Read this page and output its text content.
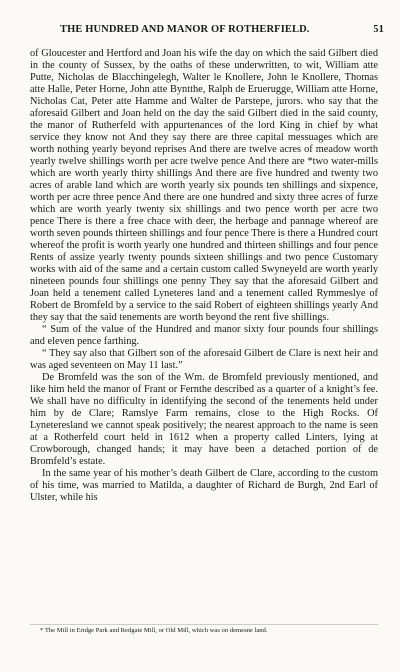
THE HUNDRED AND MANOR OF ROTHERFIELD.	51

of Gloucester and Hertford and Joan his wife the day on which the said Gilbert died in the county of Sussex, by the oaths of these underwritten, to wit, William atte Putte, Nicholas de Blacchingelegh, Walter le Knollere, John le Knollere, Thomas atte Halle, Peter Horne, John atte Byntthe, Ralph de Eruerugge, William atte Horne, Nicholas Cat, Peter atte Hamme and Walter de Parstepe, jurors. who say that the aforesaid Gilbert and Joan held on the day the said Gilbert died in the said county, the manor of Rutherfeld with appurtenances of the lord King in chief by what service they know not And they say there are three capital messuages which are worth nothing yearly beyond reprises And there are twelve acres of meadow worth yearly twelve shillings worth per acre twelve pence And there are *two water-mills which are worth yearly thirty shillings And there are five hundred and twenty two acres of arable land which are worth yearly six pounds ten shillings and sixpence, worth per acre three pence And there are one hundred and sixty three acres of furze which are worth yearly twenty six shillings and two pence worth per acre two pence There is there a free chace with deer, the herbage and pannage whereof are worth seven pounds thirteen shillings and four pence There is there a Hundred court whereof the profit is worth yearly one hundred and thirteen shillings and four pence Rents of assize yearly twenty pounds sixteen shillings and two pence Customary works with aid of the same and a certain custom called Swyneyeld are worth yearly nineteen pounds four shillings one penny They say that the aforesaid Gilbert and Joan held a tenement called Lyneteres land and a tenement called Rymmeslye of Robert de Bromfeld by a service to the said Robert of eighteen shillings yearly And they say that the said tenements are worth beyond the rent five shillings.

“ Sum of the value of the Hundred and manor sixty four pounds four shillings and eleven pence farthing.

“ They say also that Gilbert son of the aforesaid Gilbert de Clare is next heir and was aged seventeen on May 11 last.”

De Bromfeld was the son of the Wm. de Bromfeld previously mentioned, and like him held the manor of Frant or Fernthe described as a quarter of a knight’s fee. We shall have no difficulty in identifying the second of the tenements held under him by de Clare; Ramslye Farm remains, close to the High Rocks. Of Lyneteresland we cannot speak positively; the nearest approach to the name is seen at a Rotherfeld court held in 1612 when a property called Linters, lying at Crowborough, changed hands; it may have been a detached portion of de Bromfeld’s estate.

In the same year of his mother’s death Gilbert de Clare, according to the custom of his time, was married to Matilda, a daughter of Richard de Burgh, 2nd Earl of Ulster, while his

* The Mill in Eridge Park and Redgate Mill, or Old Mill, which was on demesne land.
